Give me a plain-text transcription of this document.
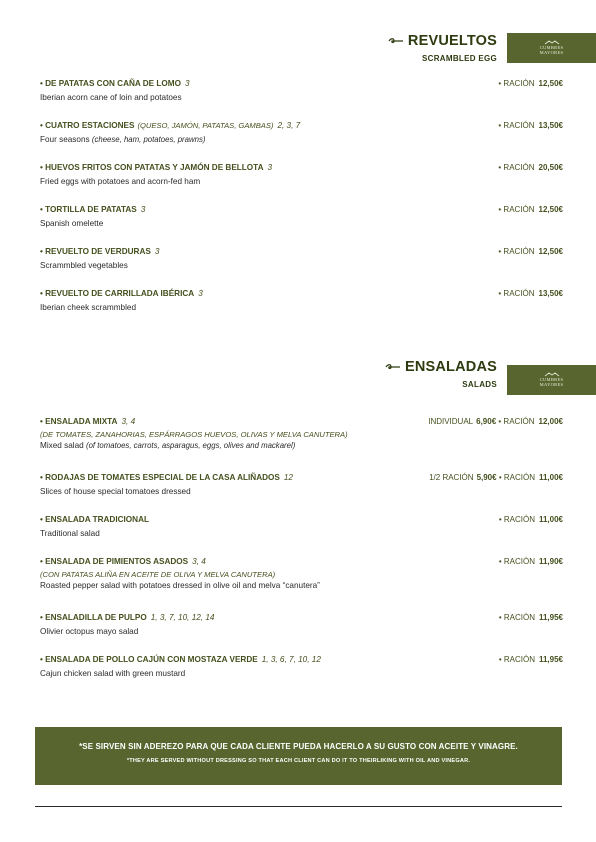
REVUELTOS
SCRAMBLED EGG
CUMBRES
MAYORES
• DE PATATAS CON CAÑA DE LOMO 3	• RACIÓN 12,50€
Iberian acorn cane of loin and potatoes
• CUATRO ESTACIONES (QUESO, JAMÓN, PATATAS, GAMBAS) 2, 3, 7	• RACIÓN 13,50€
Four seasons (cheese, ham, potatoes, prawns)
• HUEVOS FRITOS CON PATATAS Y JAMÓN DE BELLOTA 3	• RACIÓN 20,50€
Fried eggs with potatoes and acorn-fed ham
• TORTILLA DE PATATAS 3	• RACIÓN 12,50€
Spanish omelette
• REVUELTO DE VERDURAS 3	• RACIÓN 12,50€
Scrammbled vegetables
• REVUELTO DE CARRILLADA IBÉRICA 3	• RACIÓN 13,50€
Iberian cheek scrammbled
ENSALADAS
SALADS
CUMBRES
MAYORES
• ENSALADA MIXTA 3, 4	INDIVIDUAL 6,90€ • RACIÓN 12,00€
(DE TOMATES, ZANAHORIAS, ESPÁRRAGOS HUEVOS, OLIVAS Y MELVA CANUTERA)
Mixed salad (of tomatoes, carrots, asparagus, eggs, olives and mackarel)
• RODAJAS DE TOMATES ESPECIAL DE LA CASA ALIÑADOS 12	1/2 RACIÓN 5,90€ • RACIÓN 11,00€
Slices of house special tomatoes dressed
• ENSALADA TRADICIONAL	• RACIÓN 11,00€
Traditional salad
• ENSALADA DE PIMIENTOS ASADOS 3, 4	• RACIÓN 11,90€
(CON PATATAS ALIÑA EN ACEITE DE OLIVA Y MELVA CANUTERA)
Roasted pepper salad with potatoes dressed in olive oil and melva “canutera”
• ENSALADILLA DE PULPO 1, 3, 7, 10, 12, 14	• RACIÓN 11,95€
Olivier octopus mayo salad
• ENSALADA DE POLLO CAJÚN CON MOSTAZA VERDE 1, 3, 6, 7, 10, 12	• RACIÓN 11,95€
Cajun chicken salad with green mustard
*SE SIRVEN SIN ADEREZO PARA QUE CADA CLIENTE PUEDA HACERLO A SU GUSTO CON ACEITE Y VINAGRE.
*THEY ARE SERVED WITHOUT DRESSING SO THAT EACH CLIENT CAN DO IT TO THEIRLIKING WITH OIL AND VINEGAR.
